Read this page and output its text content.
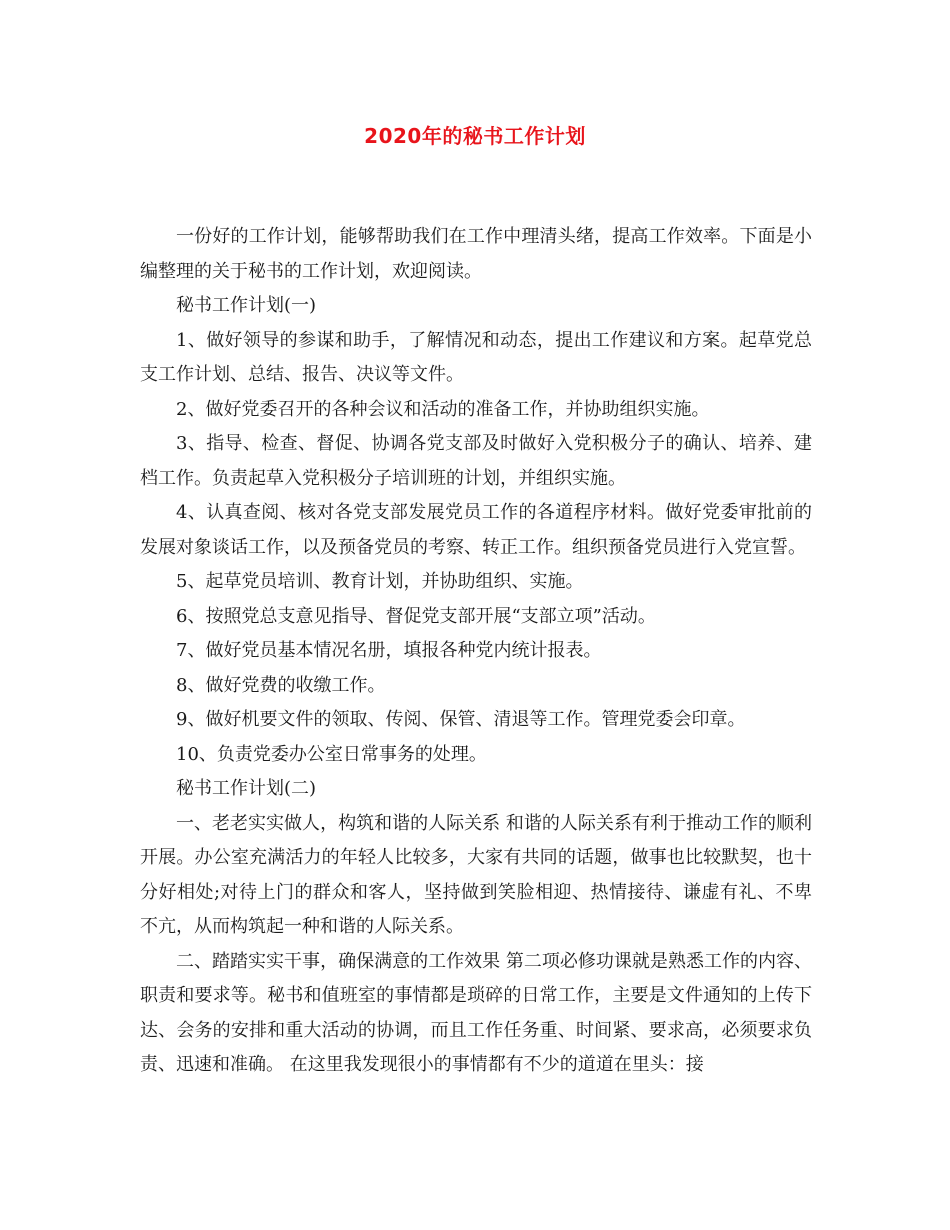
2020年的秘书工作计划

一份好的工作计划，能够帮助我们在工作中理清头绪，提高工作效率。下面是小编整理的关于秘书的工作计划，欢迎阅读。

秘书工作计划(一)

1、做好领导的参谋和助手，了解情况和动态，提出工作建议和方案。起草党总支工作计划、总结、报告、决议等文件。

2、做好党委召开的各种会议和活动的准备工作，并协助组织实施。

3、指导、检查、督促、协调各党支部及时做好入党积极分子的确认、培养、建档工作。负责起草入党积极分子培训班的计划，并组织实施。

4、认真查阅、核对各党支部发展党员工作的各道程序材料。做好党委审批前的发展对象谈话工作，以及预备党员的考察、转正工作。组织预备党员进行入党宣誓。

5、起草党员培训、教育计划，并协助组织、实施。

6、按照党总支意见指导、督促党支部开展“支部立项”活动。

7、做好党员基本情况名册，填报各种党内统计报表。

8、做好党费的收缴工作。

9、做好机要文件的领取、传阅、保管、清退等工作。管理党委会印章。

10、负责党委办公室日常事务的处理。

秘书工作计划(二)

一、老老实实做人，构筑和谐的人际关系 和谐的人际关系有利于推动工作的顺利开展。办公室充满活力的年轻人比较多，大家有共同的话题，做事也比较默契，也十分好相处;对待上门的群众和客人，坚持做到笑脸相迎、热情接待、谦虚有礼、不卑不亢，从而构筑起一种和谐的人际关系。

二、踏踏实实干事，确保满意的工作效果 第二项必修功课就是熟悉工作的内容、职责和要求等。秘书和值班室的事情都是琐碎的日常工作，主要是文件通知的上传下达、会务的安排和重大活动的协调，而且工作任务重、时间紧、要求高，必须要求负责、迅速和准确。 在这里我发现很小的事情都有不少的道道在里头：接
